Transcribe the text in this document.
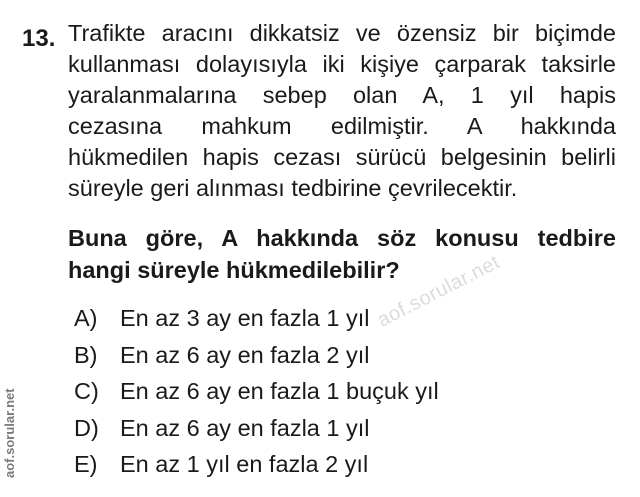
13. Trafikte aracını dikkatsiz ve özensiz bir biçimde
kullanması dolayısıyla iki kişiye çarparak taksirle
yaralanmalarına sebep olan A, 1 yıl hapis
cezasına mahkum edilmiştir. A hakkında
hükmedilen hapis cezası sürücü belgesinin belirli
süreyle geri alınması tedbirine çevrilecektir.
Buna göre, A hakkında söz konusu tedbire
hangi süreyle hükmedilebilir?
A) En az 3 ay en fazla 1 yıl
B) En az 6 ay en fazla 2 yıl
C) En az 6 ay en fazla 1 buçuk yıl
D) En az 6 ay en fazla 1 yıl
E) En az 1 yıl en fazla 2 yıl
aof.sorular.net
aof.sorular.net
